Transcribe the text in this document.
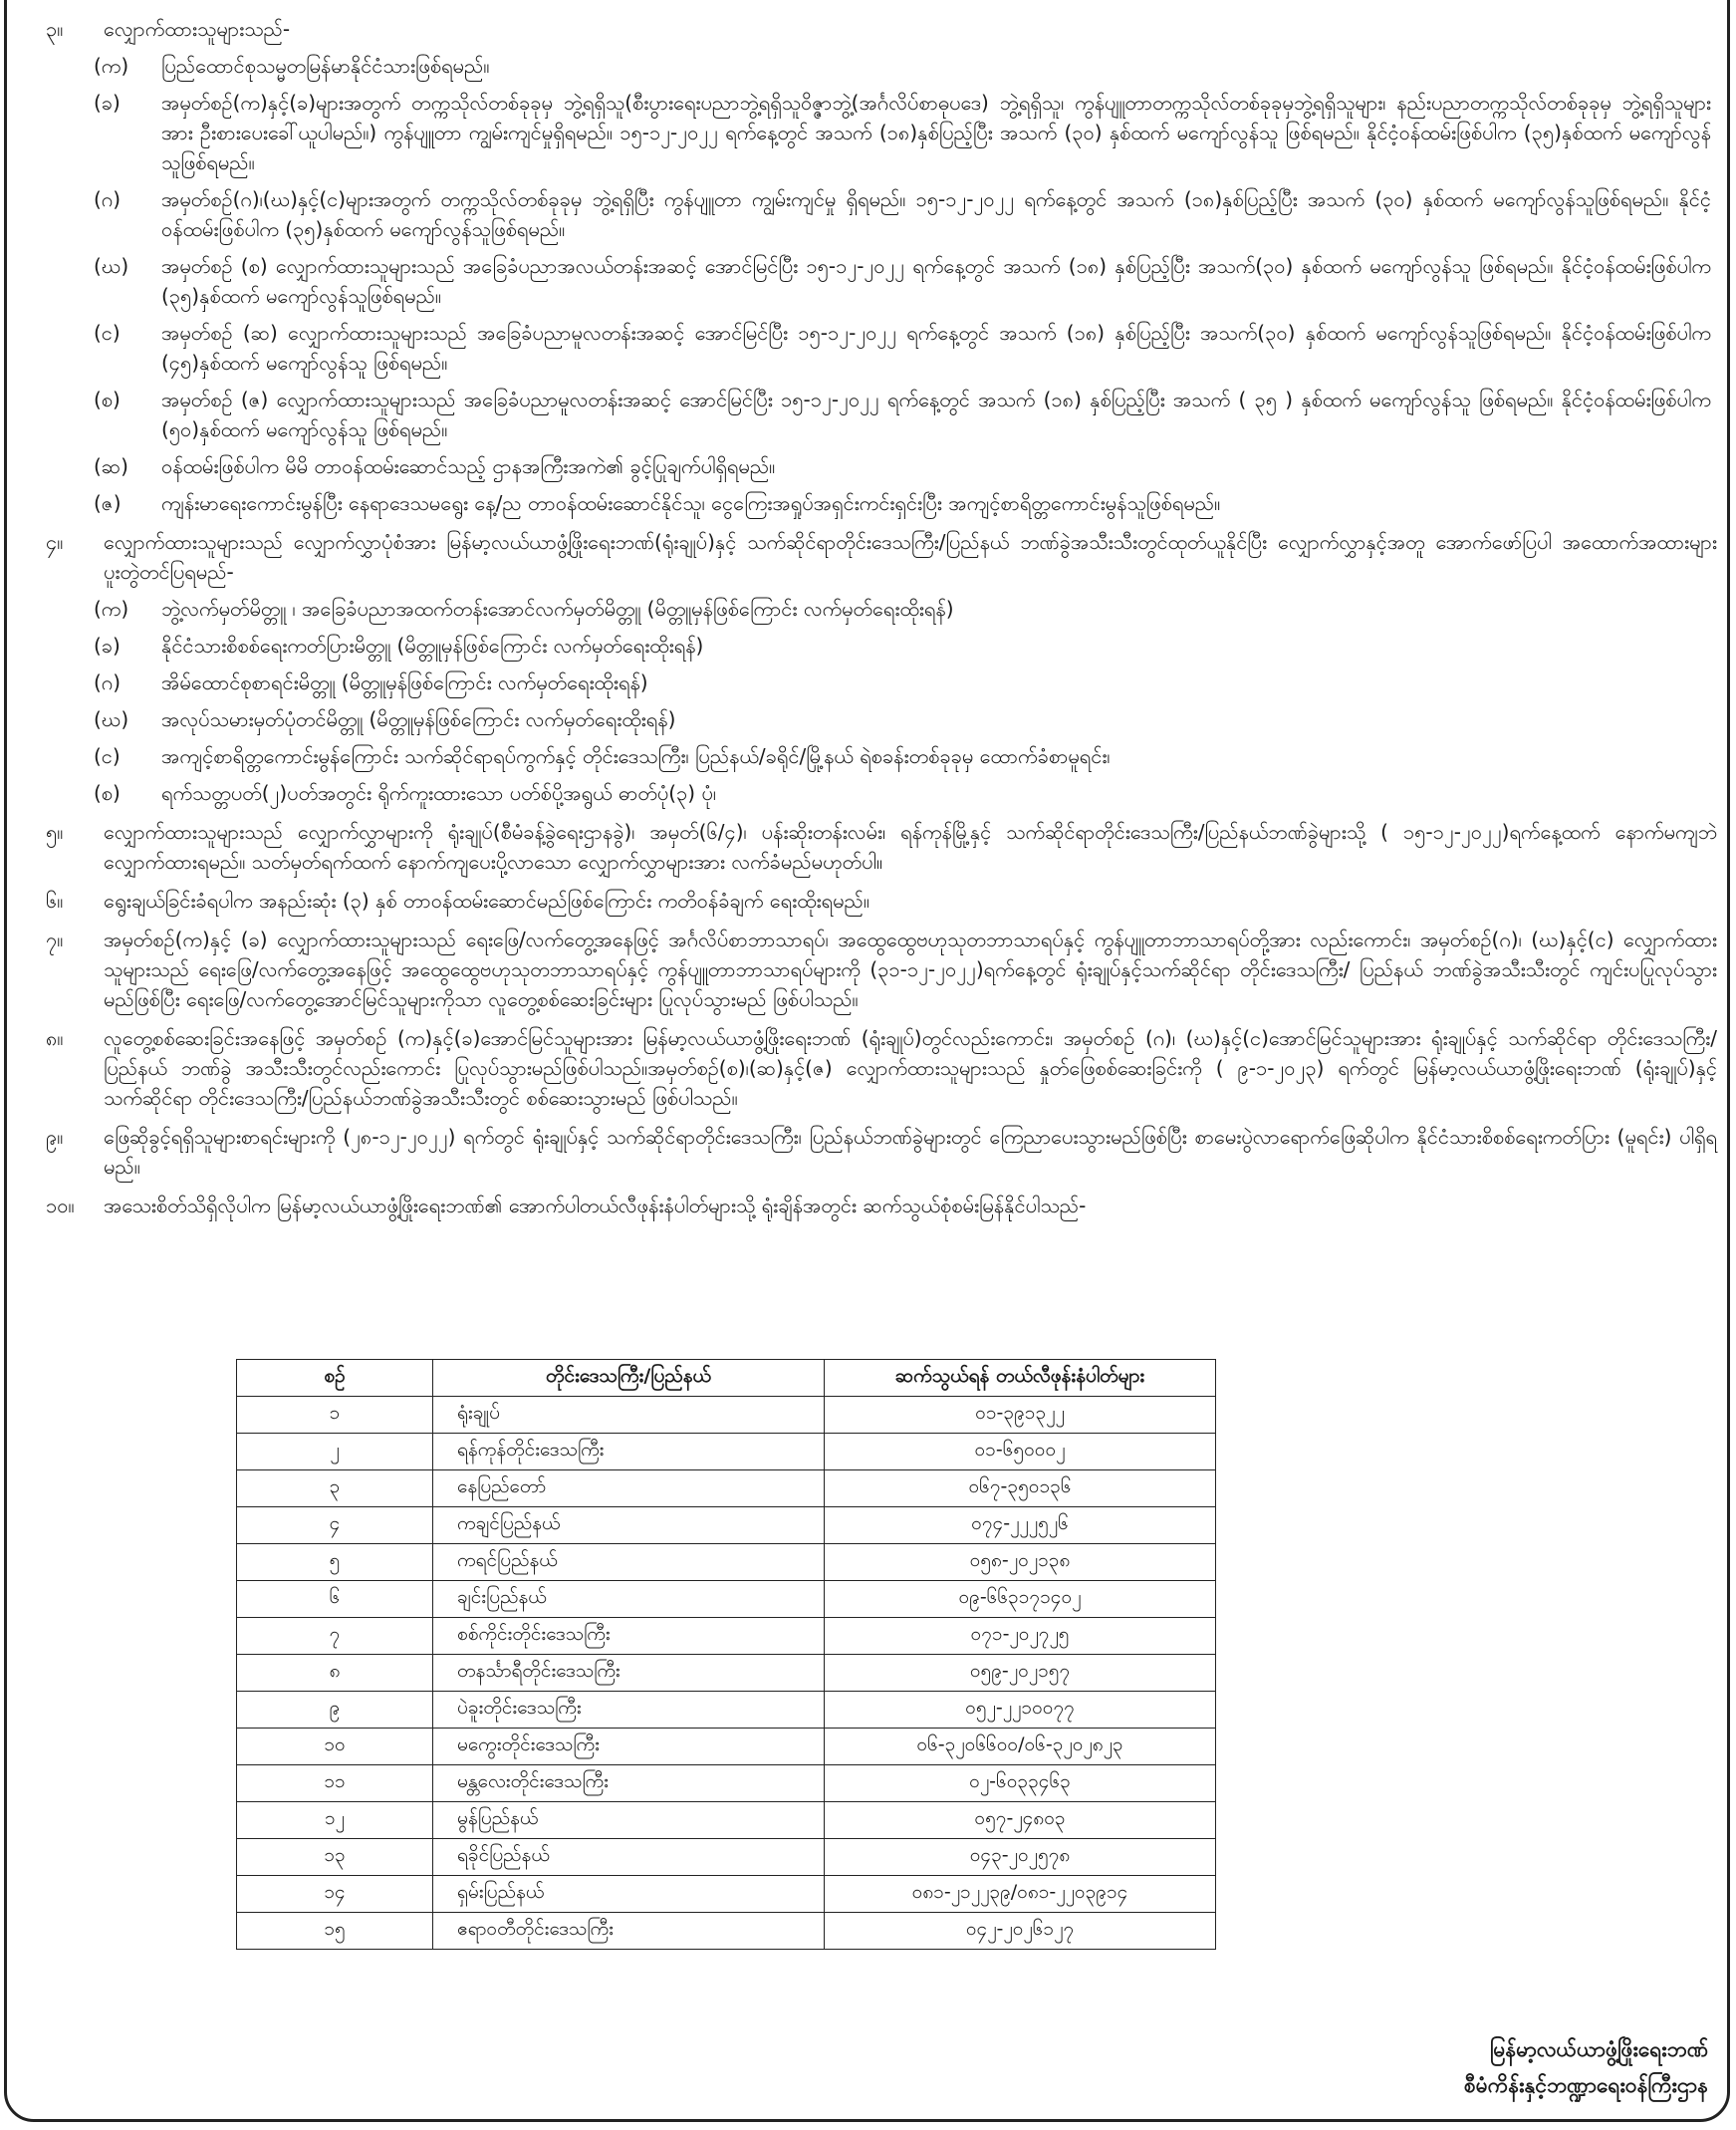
၃။ လျှောက်ထားသူများသည်-
(က) ပြည်ထောင်စုသမ္မတမြန်မာနိုင်ငံသားဖြစ်ရမည်။
(ခ) အမှတ်စဉ်(က)နှင့်(ခ)များအတွက် တက္ကသိုလ်တစ်ခုခုမှ ဘွဲ့ရရှိသူ(စီးပွားရေးပညာဘွဲ့ရရှိသူဝိဇ္ဇာဘွဲ့(အင်္ဂလိပ်စာဓုပဒေ) ဘွဲ့ရရှိသူ၊ ကွန်ပျူတာတက္ကသိုလ်တစ်ခုခုမှဘွဲ့ရရှိသူများ၊ နည်းပညာတက္ကသိုလ်တစ်ခုခုမှ ဘွဲ့ရရှိသူများအား ဦးစားပေးခေါ်ယူပါမည်။) ကွန်ပျူတာ ကျွမ်းကျင်မှုရှိရမည်။ ၁၅-၁၂-၂၀၂၂ ရက်နေ့တွင် အသက် (၁၈)နှစ်ပြည့်ပြီး အသက် (၃၀) နှစ်ထက် မကျော်လွန်သူ ဖြစ်ရမည်။ နိုင်ငံ့ဝန်ထမ်းဖြစ်ပါက (၃၅)နှစ်ထက် မကျော်လွန်သူဖြစ်ရမည်။
(ဂ) အမှတ်စဉ်(ဂ)၊(ဃ)နှင့်(င)များအတွက် တက္ကသိုလ်တစ်ခုခုမှ ဘွဲ့ရရှိပြီး ကွန်ပျူတာ ကျွမ်းကျင်မှု ရှိရမည်။ ၁၅-၁၂-၂၀၂၂ ရက်နေ့တွင် အသက် (၁၈)နှစ်ပြည့်ပြီး အသက် (၃၀) နှစ်ထက် မကျော်လွန်သူဖြစ်ရမည်။ နိုင်ငံ့ဝန်ထမ်းဖြစ်ပါက (၃၅)နှစ်ထက် မကျော်လွန်သူဖြစ်ရမည်။
(ဃ) အမှတ်စဉ် (စ) လျှောက်ထားသူများသည် အခြေခံပညာအလယ်တန်းအဆင့် အောင်မြင်ပြီး ၁၅-၁၂-၂၀၂၂ ရက်နေ့တွင် အသက် (၁၈) နှစ်ပြည့်ပြီး အသက်(၃၀) နှစ်ထက် မကျော်လွန်သူ ဖြစ်ရမည်။ နိုင်ငံ့ဝန်ထမ်းဖြစ်ပါက (၃၅)နှစ်ထက် မကျော်လွန်သူဖြစ်ရမည်။
(င) အမှတ်စဉ် (ဆ) လျှောက်ထားသူများသည် အခြေခံပညာမူလတန်းအဆင့် အောင်မြင်ပြီး ၁၅-၁၂-၂၀၂၂ ရက်နေ့တွင် အသက် (၁၈) နှစ်ပြည့်ပြီး အသက်(၃၀) နှစ်ထက် မကျော်လွန်သူဖြစ်ရမည်။ နိုင်ငံ့ဝန်ထမ်းဖြစ်ပါက (၄၅)နှစ်ထက် မကျော်လွန်သူ ဖြစ်ရမည်။
(စ) အမှတ်စဉ် (ဇ) လျှောက်ထားသူများသည် အခြေခံပညာမူလတန်းအဆင့် အောင်မြင်ပြီး ၁၅-၁၂-၂၀၂၂ ရက်နေ့တွင် အသက် (၁၈) နှစ်ပြည့်ပြီး အသက် ( ၃၅ ) နှစ်ထက် မကျော်လွန်သူ ဖြစ်ရမည်။ နိုင်ငံ့ဝန်ထမ်းဖြစ်ပါက (၅၀)နှစ်ထက် မကျော်လွန်သူ ဖြစ်ရမည်။
(ဆ) ဝန်ထမ်းဖြစ်ပါက မိမိ တာဝန်ထမ်းဆောင်သည့် ဌာနအကြီးအကဲ၏ ခွင့်ပြုချက်ပါရှိရမည်။
(ဇ) ကျန်းမာရေးကောင်းမွန်ပြီး နေရာဒေသမရွေး နေ့/ည တာဝန်ထမ်းဆောင်နိုင်သူ၊ ငွေကြေးအရှုပ်အရှင်းကင်းရှင်းပြီး အကျင့်စာရိတ္တကောင်းမွန်သူဖြစ်ရမည်။
၄။ လျှောက်ထားသူများသည် လျှောက်လွှာပုံစံအား မြန်မာ့လယ်ယာဖွံ့ဖြိုးရေးဘဏ်(ရုံးချုပ်)နှင့် သက်ဆိုင်ရာတိုင်းဒေသကြီး/ပြည်နယ် ဘဏ်ခွဲအသီးသီးတွင်ထုတ်ယူနိုင်ပြီး လျှောက်လွှာနှင့်အတူ အောက်ဖော်ပြပါ အထောက်အထားများ ပူးတွဲတင်ပြရမည်-
(က) ဘွဲ့လက်မှတ်မိတ္တူ ၊ အခြေခံပညာအထက်တန်းအောင်လက်မှတ်မိတ္တူ (မိတ္တူမှန်ဖြစ်ကြောင်း လက်မှတ်ရေးထိုးရန်)
(ခ) နိုင်ငံသားစိစစ်ရေးကတ်ပြားမိတ္တူ (မိတ္တူမှန်ဖြစ်ကြောင်း လက်မှတ်ရေးထိုးရန်)
(ဂ) အိမ်ထောင်စုစာရင်းမိတ္တူ (မိတ္တူမှန်ဖြစ်ကြောင်း လက်မှတ်ရေးထိုးရန်)
(ဃ) အလုပ်သမားမှတ်ပုံတင်မိတ္တူ (မိတ္တူမှန်ဖြစ်ကြောင်း လက်မှတ်ရေးထိုးရန်)
(င) အကျင့်စာရိတ္တကောင်းမွန်ကြောင်း သက်ဆိုင်ရာရပ်ကွက်နှင့် တိုင်းဒေသကြီး၊ ပြည်နယ်/ခရိုင်/မြို့နယ် ရဲစခန်းတစ်ခုခုမှ ထောက်ခံစာမူရင်း၊
(စ) ရက်သတ္တပတ်(၂)ပတ်အတွင်း ရိုက်ကူးထားသော ပတ်စ်ပို့အရွယ် ဓာတ်ပုံ(၃) ပုံ၊
၅။ လျှောက်ထားသူများသည် လျှောက်လွှာများကို ရုံးချုပ်(စီမံခန့်ခွဲရေးဌာနခွဲ)၊ အမှတ်(၆/၄)၊ ပန်းဆိုးတန်းလမ်း၊ ရန်ကုန်မြို့နှင့် သက်ဆိုင်ရာတိုင်းဒေသကြီး/ပြည်နယ်ဘဏ်ခွဲများသို့ ( ၁၅-၁၂-၂၀၂၂)ရက်နေ့ထက် နောက်မကျဘဲ လျှောက်ထားရမည်။ သတ်မှတ်ရက်ထက် နောက်ကျပေးပို့လာသော လျှောက်လွှာများအား လက်ခံမည်မဟုတ်ပါ။
၆။ ရွေးချယ်ခြင်းခံရပါက အနည်းဆုံး (၃) နှစ် တာဝန်ထမ်းဆောင်မည်ဖြစ်ကြောင်း ကတိဝန်ခံချက် ရေးထိုးရမည်။
၇။ အမှတ်စဉ်(က)နှင့် (ခ) လျှောက်ထားသူများသည် ရေးဖြေ/လက်တွေ့အနေဖြင့် အင်္ဂလိပ်စာဘာသာရပ်၊ အထွေထွေဗဟုသုတဘာသာရပ်နှင့် ကွန်ပျူတာဘာသာရပ်တို့အား လည်းကောင်း၊ အမှတ်စဉ်(ဂ)၊ (ဃ)နှင့်(င) လျှောက်ထားသူများသည် ရေးဖြေ/လက်တွေ့အနေဖြင့် အထွေထွေဗဟုသုတဘာသာရပ်နှင့် ကွန်ပျူတာဘာသာရပ်များကို (၃၁-၁၂-၂၀၂၂)ရက်နေ့တွင် ရုံးချုပ်နှင့်သက်ဆိုင်ရာ တိုင်းဒေသကြီး/ ပြည်နယ် ဘဏ်ခွဲအသီးသီးတွင် ကျင်းပပြုလုပ်သွားမည်ဖြစ်ပြီး ရေးဖြေ/လက်တွေ့အောင်မြင်သူများကိုသာ လူတွေ့စစ်ဆေးခြင်းများ ပြုလုပ်သွားမည် ဖြစ်ပါသည်။
၈။ လူတွေ့စစ်ဆေးခြင်းအနေဖြင့် အမှတ်စဉ် (က)နှင့်(ခ)အောင်မြင်သူများအား မြန်မာ့လယ်ယာဖွံ့ဖြိုးရေးဘဏ် (ရုံးချုပ်)တွင်လည်းကောင်း၊ အမှတ်စဉ် (ဂ)၊ (ဃ)နှင့်(င)အောင်မြင်သူများအား ရုံးချုပ်နှင့် သက်ဆိုင်ရာ တိုင်းဒေသကြီး/ပြည်နယ် ဘဏ်ခွဲ အသီးသီးတွင်လည်းကောင်း ပြုလုပ်သွားမည်ဖြစ်ပါသည်။အမှတ်စဉ်(စ)၊(ဆ)နှင့်(ဇ) လျှောက်ထားသူများသည် နှုတ်ဖြေစစ်ဆေးခြင်းကို ( ၉-၁-၂၀၂၃) ရက်တွင် မြန်မာ့လယ်ယာဖွံ့ဖြိုးရေးဘဏ် (ရုံးချုပ်)နှင့် သက်ဆိုင်ရာ တိုင်းဒေသကြီး/ပြည်နယ်ဘဏ်ခွဲအသီးသီးတွင် စစ်ဆေးသွားမည် ဖြစ်ပါသည်။
၉။ ဖြေဆိုခွင့်ရရှိသူများစာရင်းများကို (၂၈-၁၂-၂၀၂၂) ရက်တွင် ရုံးချုပ်နှင့် သက်ဆိုင်ရာတိုင်းဒေသကြီး၊ ပြည်နယ်ဘဏ်ခွဲများတွင် ကြေညာပေးသွားမည်ဖြစ်ပြီး စာမေးပွဲလာရောက်ဖြေဆိုပါက နိုင်ငံသားစိစစ်ရေးကတ်ပြား (မူရင်း) ပါရှိရမည်။
၁၀။ အသေးစိတ်သိရှိလိုပါက မြန်မာ့လယ်ယာဖွံ့ဖြိုးရေးဘဏ်၏ အောက်ပါတယ်လီဖုန်းနံပါတ်များသို့ ရုံးချိန်အတွင်း ဆက်သွယ်စုံစမ်းမြန်နိုင်ပါသည်-
စဉ်	တိုင်းဒေသကြီး/ပြည်နယ်	ဆက်သွယ်ရန် တယ်လီဖုန်းနံပါတ်များ
၁	ရုံးချုပ်	၀၁-၃၉၁၃၂၂
၂	ရန်ကုန်တိုင်းဒေသကြီး	၀၁-၆၅၀၀၀၂
၃	နေပြည်တော်	၀၆၇-၃၅၀၁၃၆
၄	ကချင်ပြည်နယ်	၀၇၄-၂၂၂၅၂၆
၅	ကရင်ပြည်နယ်	၀၅၈-၂၀၂၁၃၈
၆	ချင်းပြည်နယ်	၀၉-၆၆၃၁၇၁၄၀၂
၇	စစ်ကိုင်းတိုင်းဒေသကြီး	၀၇၁-၂၀၂၇၂၅
၈	တနင်္သာရီတိုင်းဒေသကြီး	၀၅၉-၂၀၂၁၅၇
၉	ပဲခူးတိုင်းဒေသကြီး	၀၅၂-၂၂၁၀၀၇၇
၁၀	မကွေးတိုင်းဒေသကြီး	၀၆-၃၂၀၆၆၀၀/၀၆-၃၂၀၂၈၂၃
၁၁	မန္တလေးတိုင်းဒေသကြီး	၀၂-၆၀၃၃၄၆၃
၁၂	မွန်ပြည်နယ်	၀၅၇-၂၄၈၀၃
၁၃	ရခိုင်ပြည်နယ်	၀၄၃-၂၀၂၅၇၈
၁၄	ရှမ်းပြည်နယ်	၀၈၁-၂၁၂၂၃၉/၀၈၁-၂၂၀၃၉၁၄
၁၅	ဧရာဝတီတိုင်းဒေသကြီး	၀၄၂-၂၀၂၆၁၂၇
မြန်မာ့လယ်ယာဖွံ့ဖြိုးရေးဘဏ်
စီမံကိန်းနှင့်ဘဏ္ဍာရေးဝန်ကြီးဌာန
